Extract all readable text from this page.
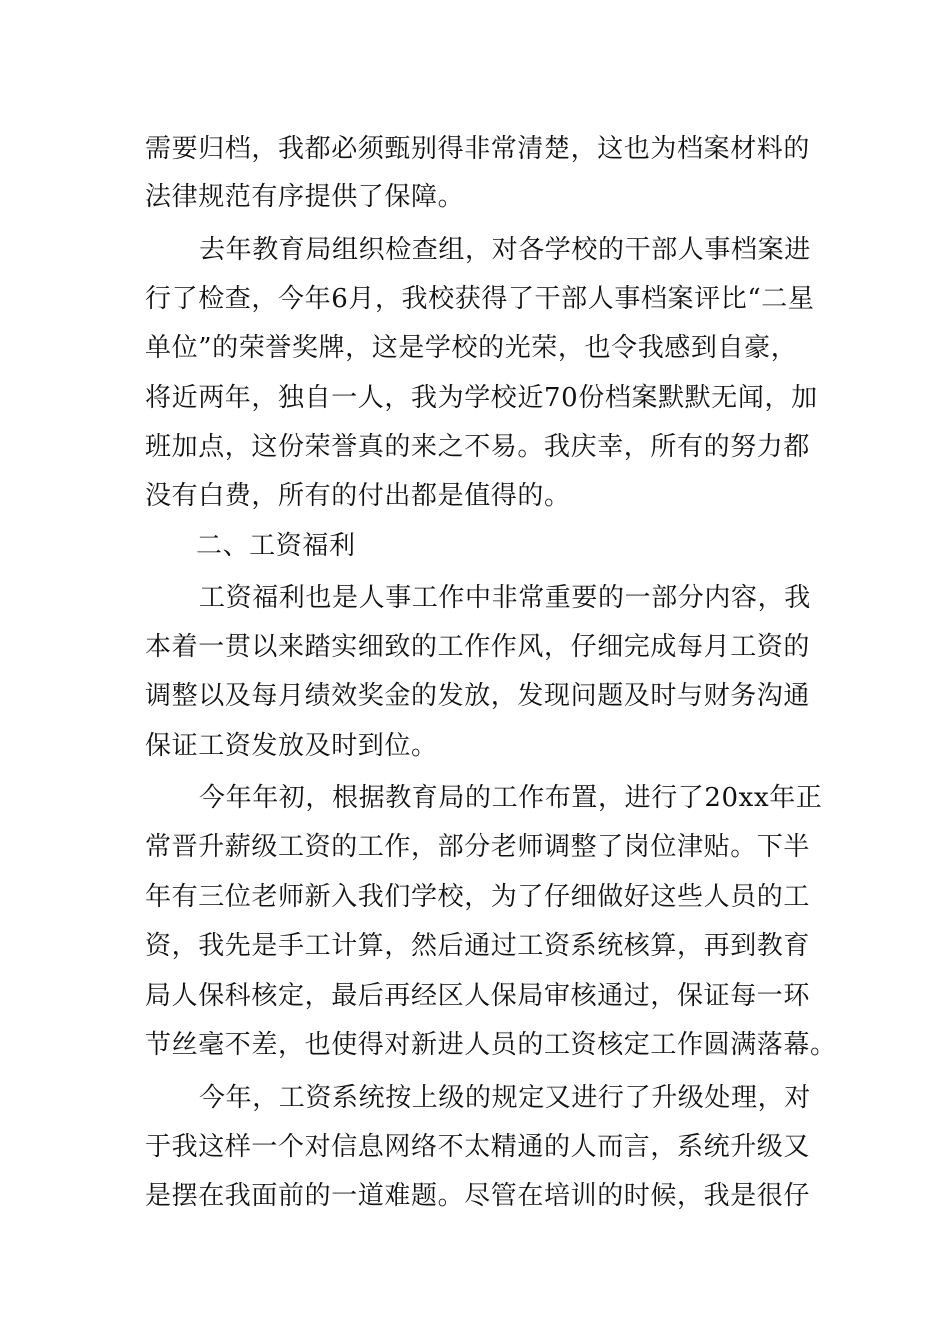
需要归档，我都必须甄别得非常清楚，这也为档案材料的
法律规范有序提供了保障。
去年教育局组织检查组，对各学校的干部人事档案进
行了检查，今年6月，我校获得了干部人事档案评比“二星
单位”的荣誉奖牌，这是学校的光荣，也令我感到自豪，
将近两年，独自一人，我为学校近70份档案默默无闻，加
班加点，这份荣誉真的来之不易。我庆幸，所有的努力都
没有白费，所有的付出都是值得的。
二、工资福利
工资福利也是人事工作中非常重要的一部分内容，我
本着一贯以来踏实细致的工作作风，仔细完成每月工资的
调整以及每月绩效奖金的发放，发现问题及时与财务沟通
保证工资发放及时到位。
今年年初，根据教育局的工作布置，进行了20xx年正
常晋升薪级工资的工作，部分老师调整了岗位津贴。下半
年有三位老师新入我们学校，为了仔细做好这些人员的工
资，我先是手工计算，然后通过工资系统核算，再到教育
局人保科核定，最后再经区人保局审核通过，保证每一环
节丝毫不差，也使得对新进人员的工资核定工作圆满落幕。
今年，工资系统按上级的规定又进行了升级处理，对
于我这样一个对信息网络不太精通的人而言，系统升级又
是摆在我面前的一道难题。尽管在培训的时候，我是很仔
